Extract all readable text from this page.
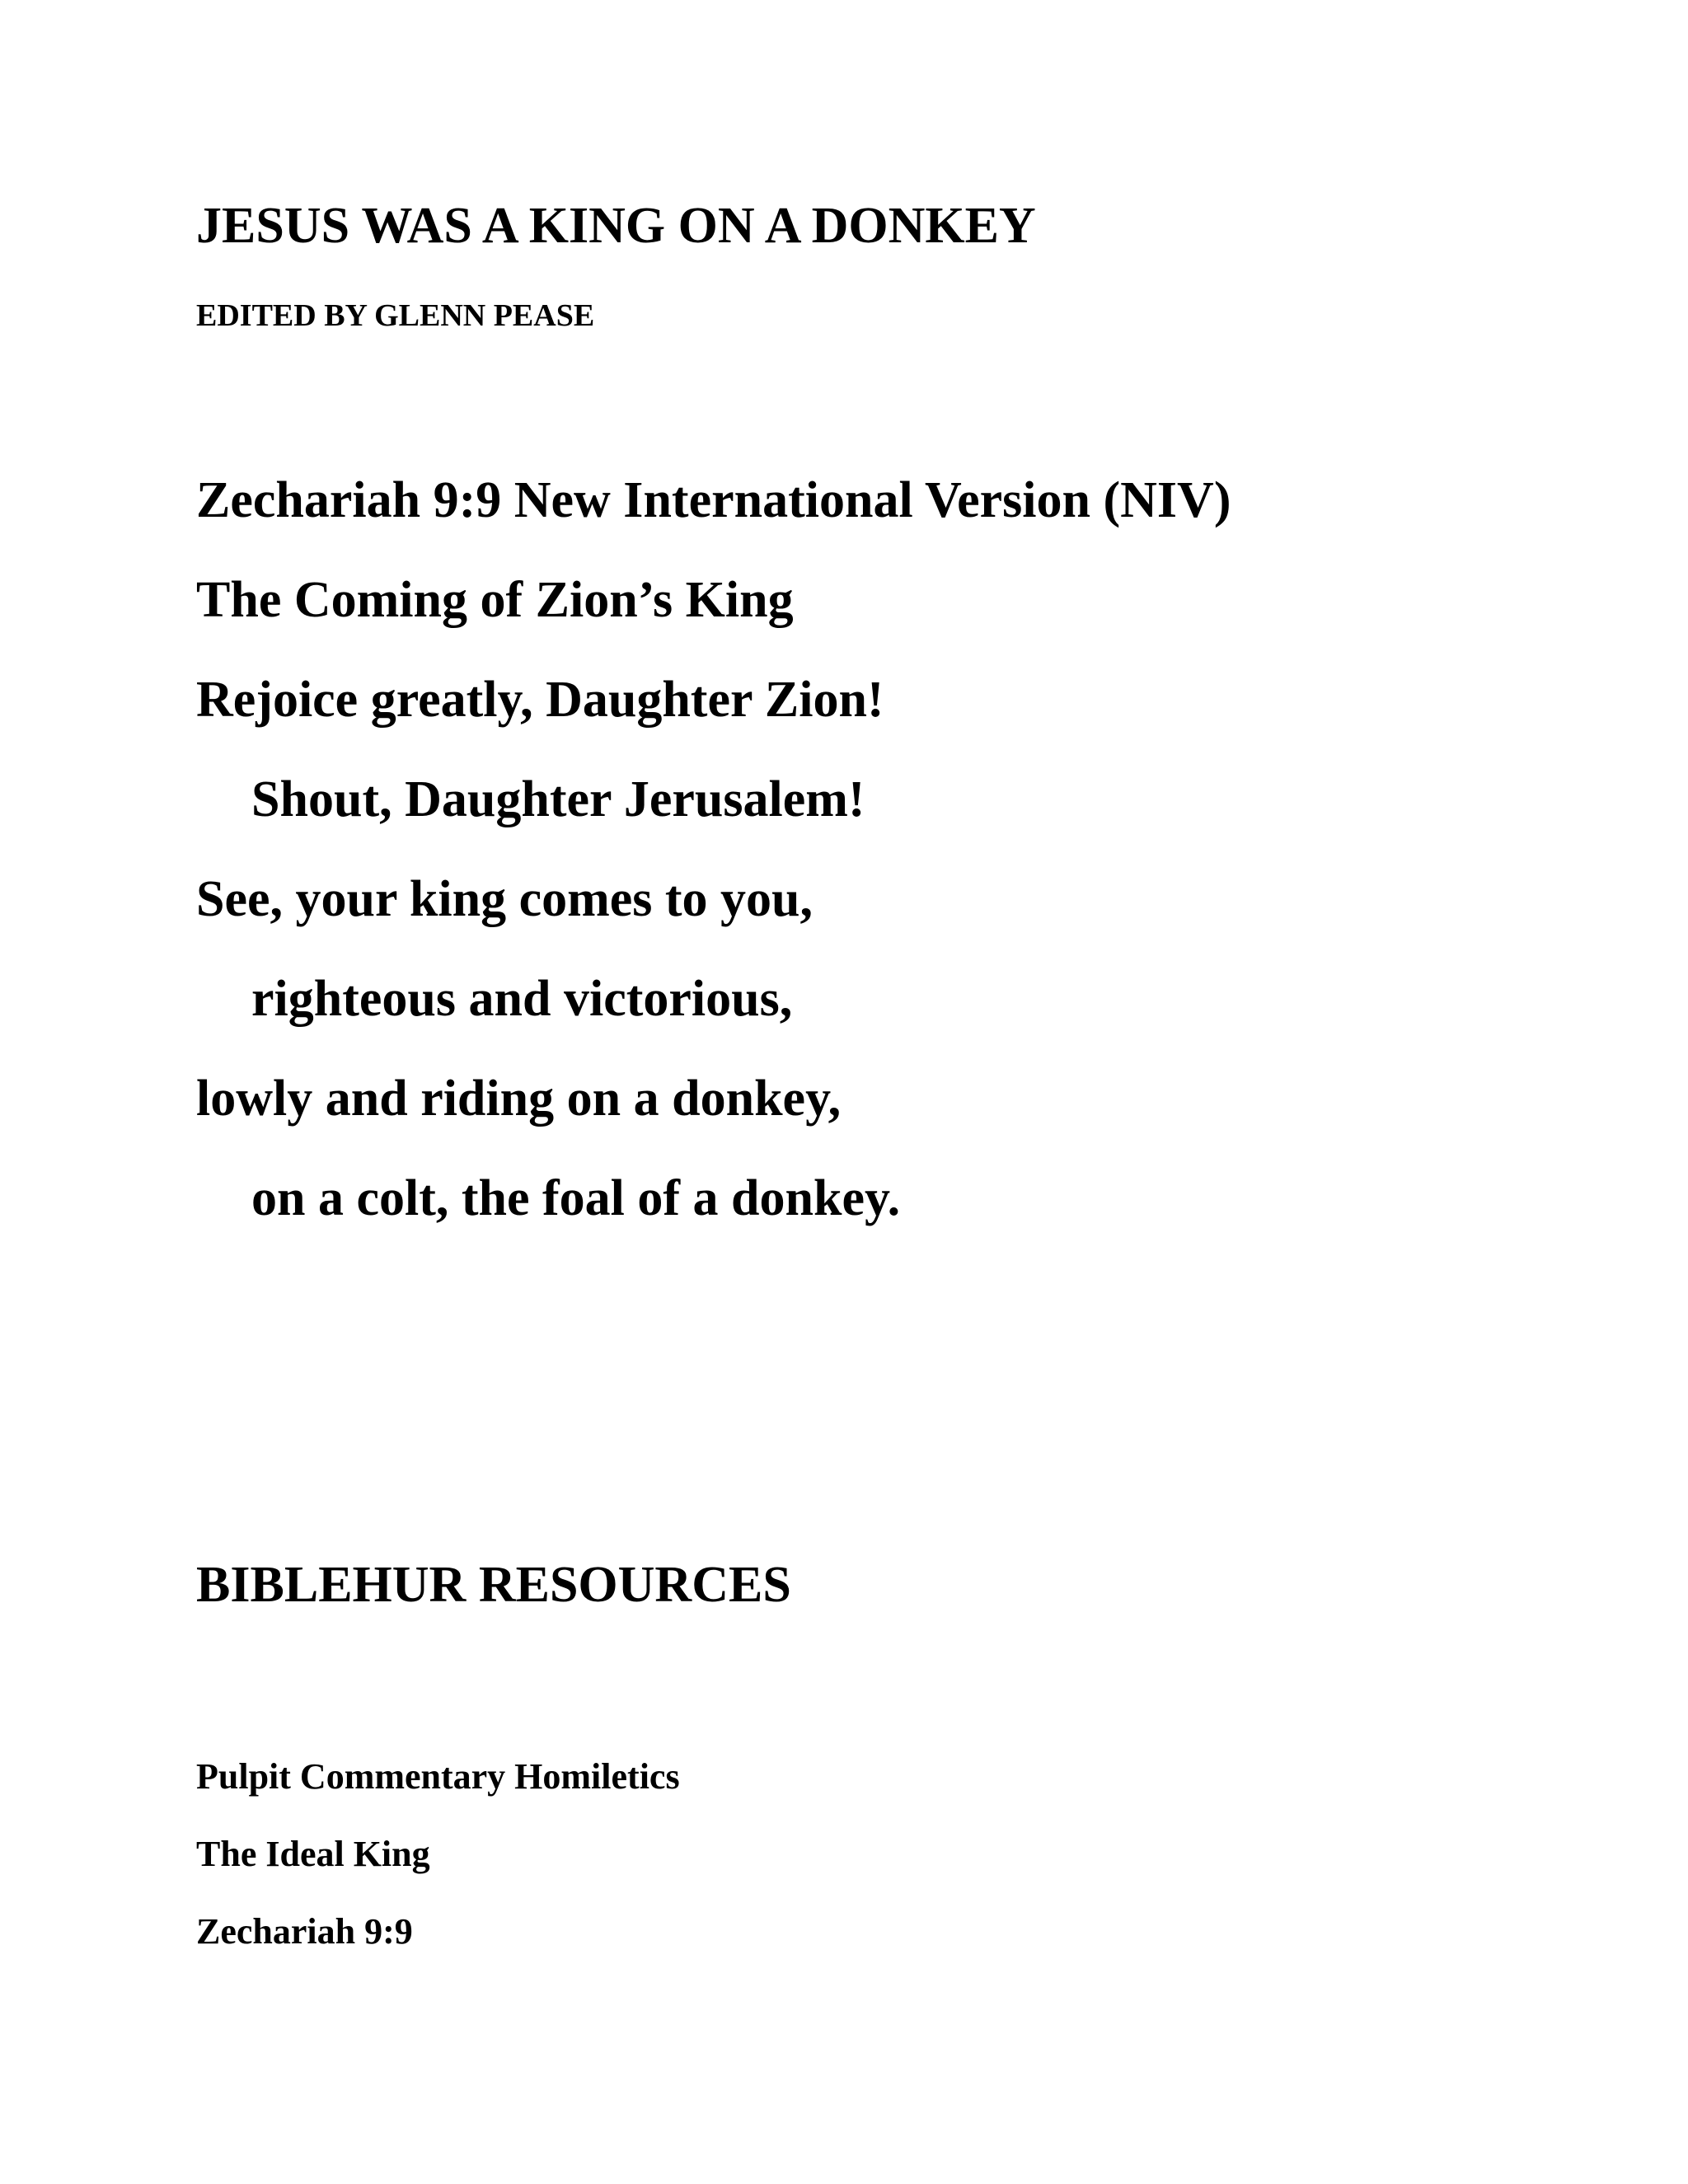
JESUS WAS A KING ON A DONKEY

EDITED BY GLENN PEASE

Zechariah 9:9 New International Version (NIV)

The Coming of Zion’s King

Rejoice greatly, Daughter Zion!

Shout, Daughter Jerusalem!

See, your king comes to you,

righteous and victorious,

lowly and riding on a donkey,

on a colt, the foal of a donkey.

BIBLEHUR RESOURCES

Pulpit Commentary Homiletics

The Ideal King

Zechariah 9:9
